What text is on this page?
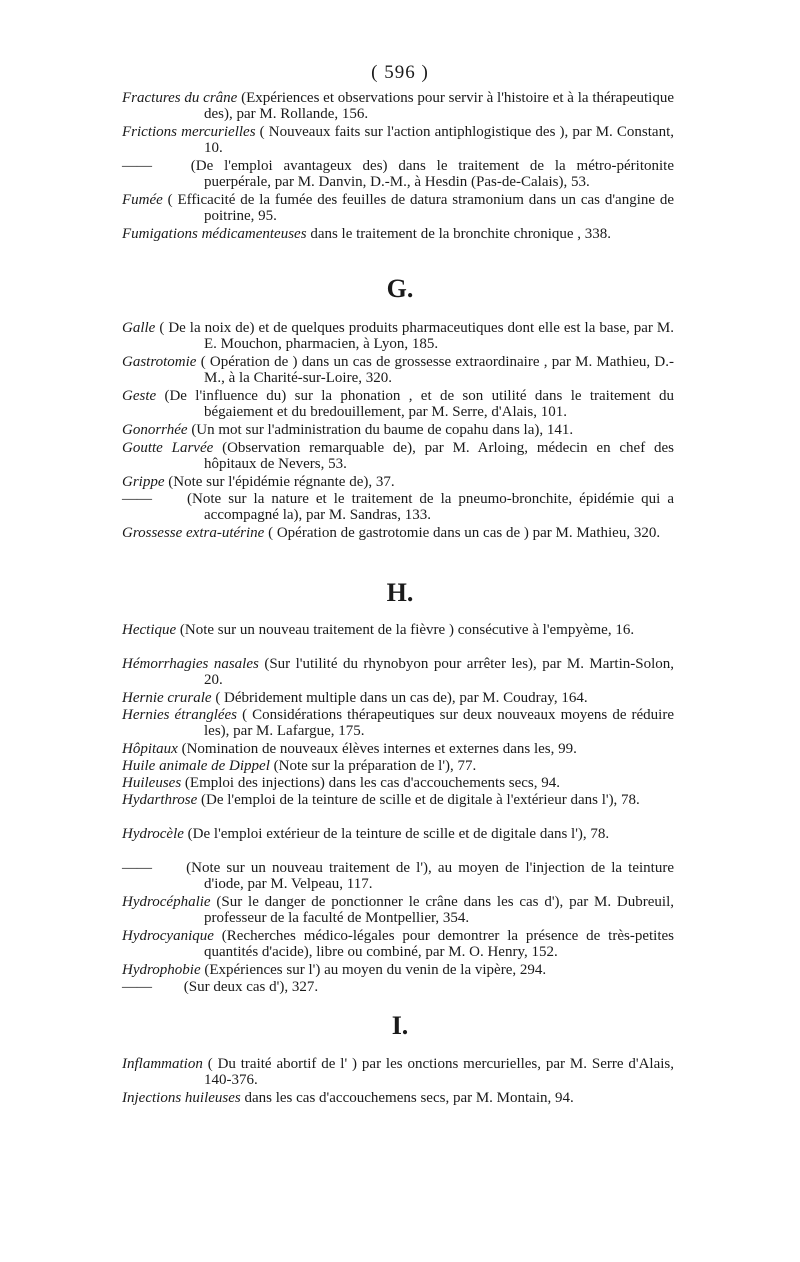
( 596 )
Fractures du crâne (Expériences et observations pour servir à l'histoire et à la thérapeutique des), par M. Rollande, 156.
Frictions mercurielles ( Nouveaux faits sur l'action antiphlogistique des ), par M. Constant, 10.
—— (De l'emploi avantageux des) dans le traitement de la métro-péritonite puerpérale, par M. Danvin, D.-M., à Hesdin (Pas-de-Calais), 53.
Fumée ( Efficacité de la fumée des feuilles de datura stramonium dans un cas d'angine de poitrine, 95.
Fumigations médicamenteuses dans le traitement de la bronchite chronique , 338.
G.
Galle ( De la noix de) et de quelques produits pharmaceutiques dont elle est la base, par M. E. Mouchon, pharmacien, à Lyon, 185.
Gastrotomie ( Opération de ) dans un cas de grossesse extraordinaire , par M. Mathieu, D.-M., à la Charité-sur-Loire, 320.
Geste (De l'influence du) sur la phonation , et de son utilité dans le traitement du bégaiement et du bredouillement, par M. Serre, d'Alais, 101.
Gonorrhée (Un mot sur l'administration du baume de copahu dans la), 141.
Goutte Larvée (Observation remarquable de), par M. Arloing, médecin en chef des hôpitaux de Nevers, 53.
Grippe (Note sur l'épidémie régnante de), 37.
—— (Note sur la nature et le traitement de la pneumo-bronchite, épidémie qui a accompagné la), par M. Sandras, 133.
Grossesse extra-utérine ( Opération de gastrotomie dans un cas de ) par M. Mathieu, 320.
H.
Hectique (Note sur un nouveau traitement de la fièvre ) consécutive à l'empyème, 16.
Hémorrhagies nasales (Sur l'utilité du rhynobyon pour arrêter les), par M. Martin-Solon, 20.
Hernie crurale ( Débridement multiple dans un cas de), par M. Coudray, 164.
Hernies étranglées ( Considérations thérapeutiques sur deux nouveaux moyens de réduire les), par M. Lafargue, 175.
Hôpitaux (Nomination de nouveaux élèves internes et externes dans les, 99.
Huile animale de Dippel (Note sur la préparation de l'), 77.
Huileuses (Emploi des injections) dans les cas d'accouchements secs, 94.
Hydarthrose (De l'emploi de la teinture de scille et de digitale à l'extérieur dans l'), 78.
Hydrocèle (De l'emploi extérieur de la teinture de scille et de digitale dans l'), 78.
—— (Note sur un nouveau traitement de l'), au moyen de l'injection de la teinture d'iode, par M. Velpeau, 117.
Hydrocéphalie (Sur le danger de ponctionner le crâne dans les cas d'), par M. Dubreuil, professeur de la faculté de Montpellier, 354.
Hydrocyanique (Recherches médico-légales pour demontrer la présence de très-petites quantités d'acide), libre ou combiné, par M. O. Henry, 152.
Hydrophobie (Expériences sur l') au moyen du venin de la vipère, 294.
—— (Sur deux cas d'), 327.
I.
Inflammation ( Du traité abortif de l' ) par les onctions mercurielles, par M. Serre d'Alais, 140-376.
Injections huileuses dans les cas d'accouchemens secs, par M. Montain, 94.
